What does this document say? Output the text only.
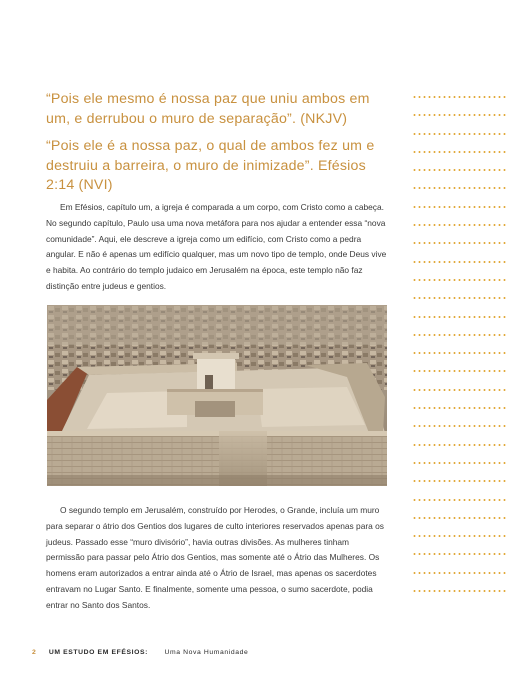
“Pois ele mesmo é nossa paz que uniu ambos em um, e derrubou o muro de separação”. (NKJV)

“Pois ele é a nossa paz, o qual de ambos fez um e destruiu a barreira, o muro de inimizade”. Efésios 2:14 (NVI)

Em Efésios, capítulo um, a igreja é comparada a um corpo, com Cristo como a cabeça. No segundo capítulo, Paulo usa uma nova metáfora para nos ajudar a entender essa “nova comunidade”. Aqui, ele descreve a igreja como um edifício, com Cristo como a pedra angular. E não é apenas um edifício qualquer, mas um novo tipo de templo, onde Deus vive e habita. Ao contrário do templo judaico em Jerusalém na época, este templo não faz distinção entre judeus e gentios.

O segundo templo em Jerusalém, construído por Herodes, o Grande, incluía um muro para separar o átrio dos Gentios dos lugares de culto interiores reservados apenas para os judeus. Passado esse “muro divisório”, havia outras divisões. As mulheres tinham permissão para passar pelo Átrio dos Gentios, mas somente até o Átrio das Mulheres. Os homens eram autorizados a entrar ainda até o Átrio de Israel, mas apenas os sacerdotes entravam no Lugar Santo. E finalmente, somente uma pessoa, o sumo sacerdote, podia entrar no Santo dos Santos.

2 UM ESTUDO EM EFÉSIOS: Uma Nova Humanidade
